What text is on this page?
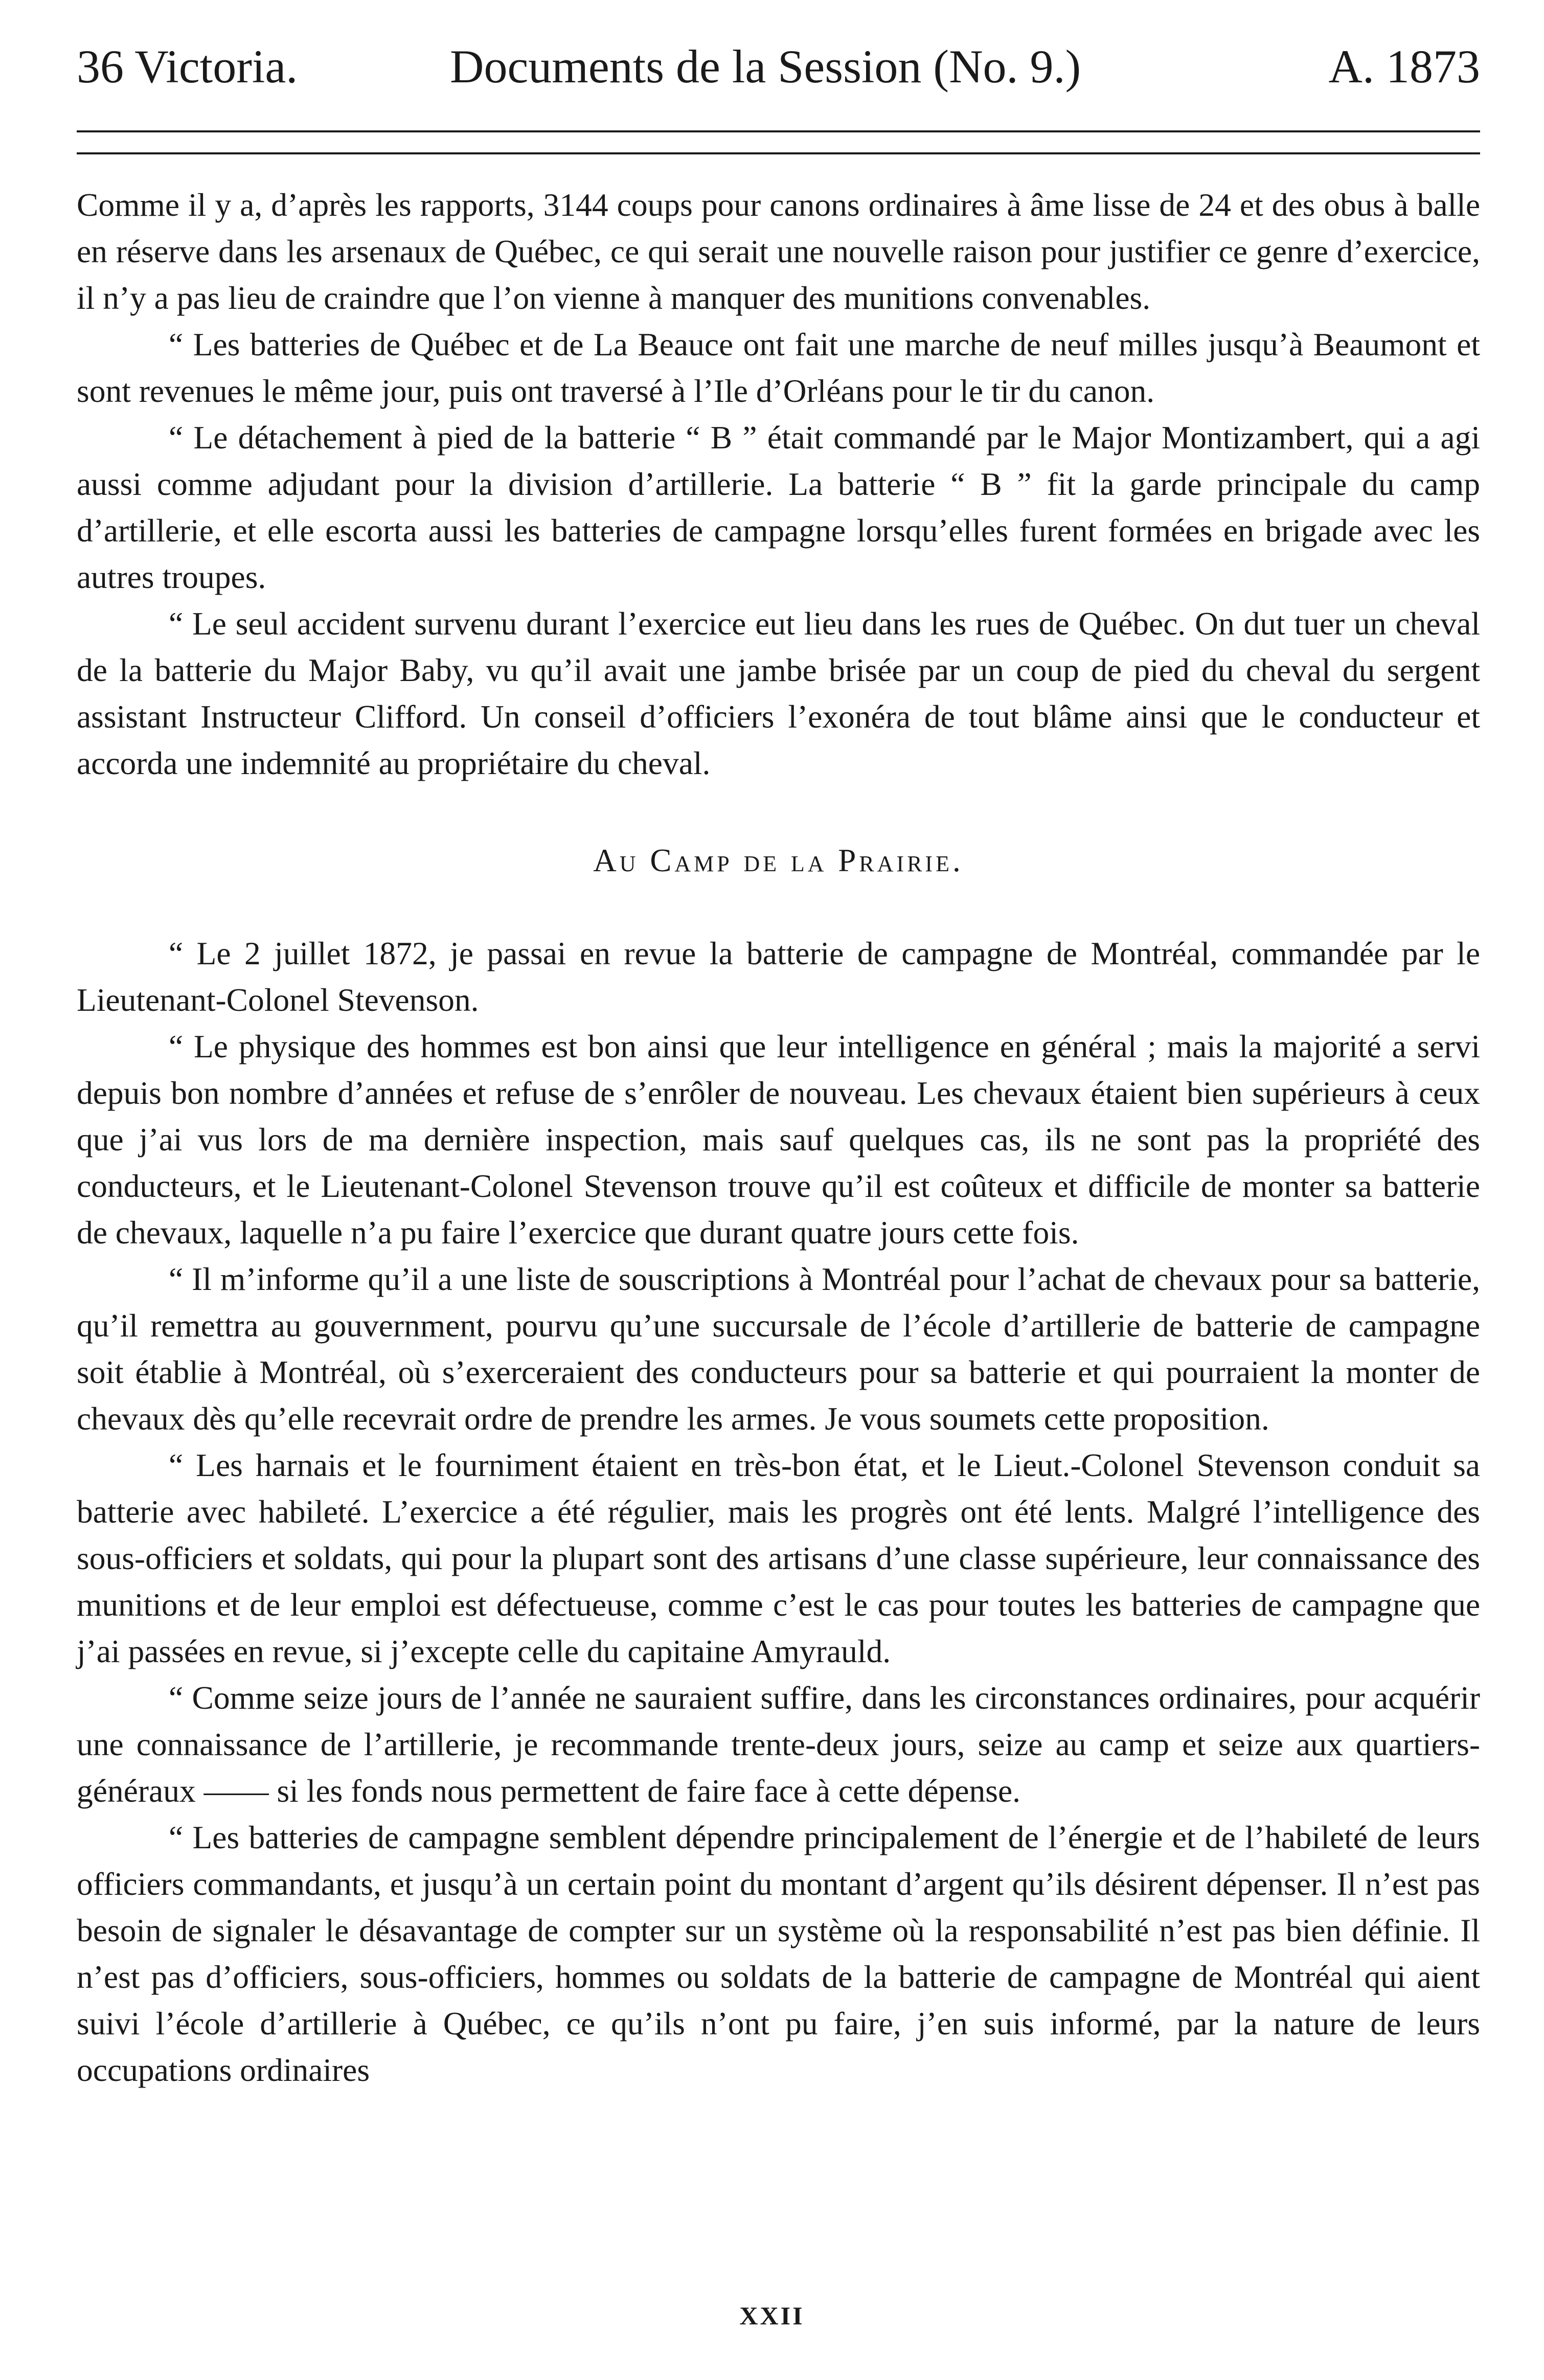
36 Victoria.	Documents de la Session (No. 9.)	A. 1873

Comme il y a, d’après les rapports, 3144 coups pour canons ordinaires à âme lisse de 24 et des obus à balle en réserve dans les arsenaux de Québec, ce qui serait une nouvelle raison pour justifier ce genre d’exercice, il n’y a pas lieu de craindre que l’on vienne à manquer des munitions convenables.

“ Les batteries de Québec et de La Beauce ont fait une marche de neuf milles jusqu’à Beaumont et sont revenues le même jour, puis ont traversé à l’Ile d’Orléans pour le tir du canon.

“ Le détachement à pied de la batterie “ B ” était commandé par le Major Montizambert, qui a agi aussi comme adjudant pour la division d’artillerie. La batterie “ B ” fit la garde principale du camp d’artillerie, et elle escorta aussi les batteries de campagne lorsqu’elles furent formées en brigade avec les autres troupes.

“ Le seul accident survenu durant l’exercice eut lieu dans les rues de Québec. On dut tuer un cheval de la batterie du Major Baby, vu qu’il avait une jambe brisée par un coup de pied du cheval du sergent assistant Instructeur Clifford. Un conseil d’officiers l’exonéra de tout blâme ainsi que le conducteur et accorda une indemnité au propriétaire du cheval.

Au Camp de la Prairie.

“ Le 2 juillet 1872, je passai en revue la batterie de campagne de Montréal, commandée par le Lieutenant-Colonel Stevenson.

“ Le physique des hommes est bon ainsi que leur intelligence en général ; mais la majorité a servi depuis bon nombre d’années et refuse de s’enrôler de nouveau. Les chevaux étaient bien supérieurs à ceux que j’ai vus lors de ma dernière inspection, mais sauf quelques cas, ils ne sont pas la propriété des conducteurs, et le Lieutenant-Colonel Stevenson trouve qu’il est coûteux et difficile de monter sa batterie de chevaux, laquelle n’a pu faire l’exercice que durant quatre jours cette fois.

“ Il m’informe qu’il a une liste de souscriptions à Montréal pour l’achat de chevaux pour sa batterie, qu’il remettra au gouvernment, pourvu qu’une succursale de l’école d’artillerie de batterie de campagne soit établie à Montréal, où s’exerceraient des conducteurs pour sa batterie et qui pourraient la monter de chevaux dès qu’elle recevrait ordre de prendre les armes. Je vous soumets cette proposition.

“ Les harnais et le fourniment étaient en très-bon état, et le Lieut.-Colonel Stevenson conduit sa batterie avec habileté. L’exercice a été régulier, mais les progrès ont été lents. Malgré l’intelligence des sous-officiers et soldats, qui pour la plupart sont des artisans d’une classe supérieure, leur connaissance des munitions et de leur emploi est défectueuse, comme c’est le cas pour toutes les batteries de campagne que j’ai passées en revue, si j’excepte celle du capitaine Amyrauld.

“ Comme seize jours de l’année ne sauraient suffire, dans les circonstances ordinaires, pour acquérir une connaissance de l’artillerie, je recommande trente-deux jours, seize au camp et seize aux quartiers-généraux —— si les fonds nous permettent de faire face à cette dépense.

“ Les batteries de campagne semblent dépendre principalement de l’énergie et de l’habileté de leurs officiers commandants, et jusqu’à un certain point du montant d’argent qu’ils désirent dépenser. Il n’est pas besoin de signaler le désavantage de compter sur un système où la responsabilité n’est pas bien définie. Il n’est pas d’officiers, sous-officiers, hommes ou soldats de la batterie de campagne de Montréal qui aient suivi l’école d’artillerie à Québec, ce qu’ils n’ont pu faire, j’en suis informé, par la nature de leurs occupations ordinaires

XXII
